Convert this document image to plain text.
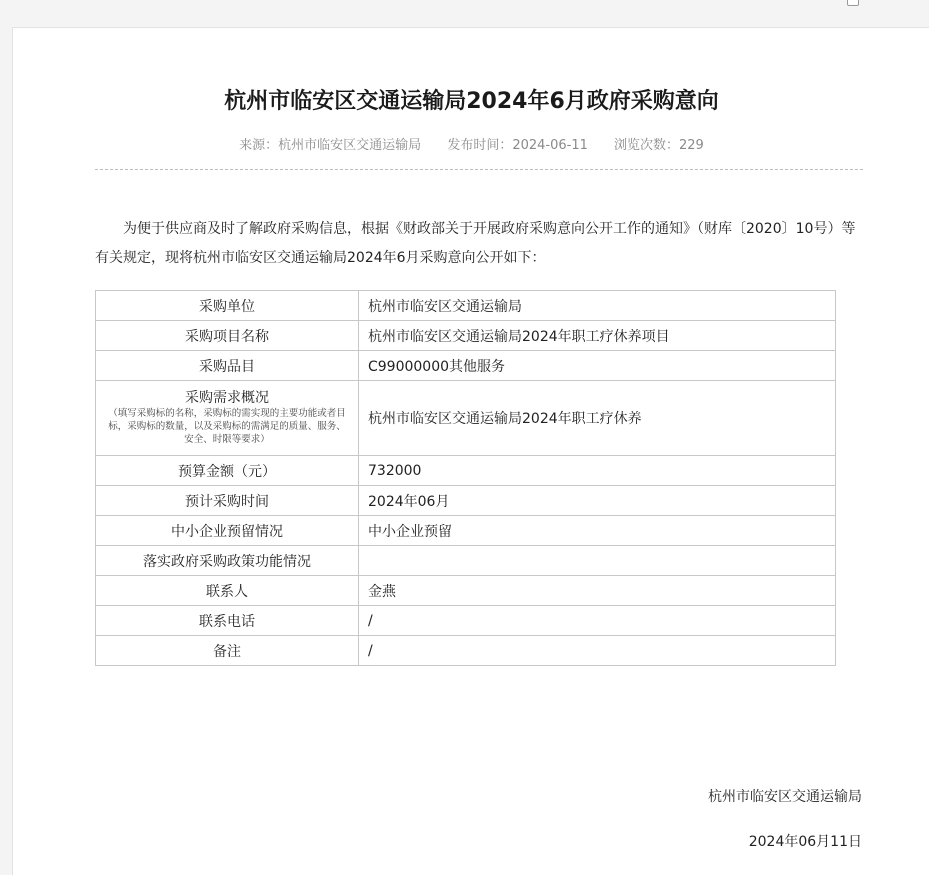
杭州市临安区交通运输局2024年6月政府采购意向
来源：杭州市临安区交通运输局 发布时间：2024-06-11 浏览次数：229
为便于供应商及时了解政府采购信息，根据《财政部关于开展政府采购意向公开工作的通知》（财库〔2020〕10号）等有关规定，现将杭州市临安区交通运输局2024年6月采购意向公开如下：
采购单位	杭州市临安区交通运输局
采购项目名称	杭州市临安区交通运输局2024年职工疗休养项目
采购品目	C99000000其他服务

采购需求概况
（填写采购标的名称，采购标的需实现的主要功能或者目标，采购标的数量，以及采购标的需满足的质量、服务、安全、时限等要求）	杭州市临安区交通运输局2024年职工疗休养
预算金额（元）	732000
预计采购时间	2024年06月
中小企业预留情况	中小企业预留
落实政府采购政策功能情况	
联系人	金燕
联系电话	/
备注	/
杭州市临安区交通运输局
2024年06月11日
